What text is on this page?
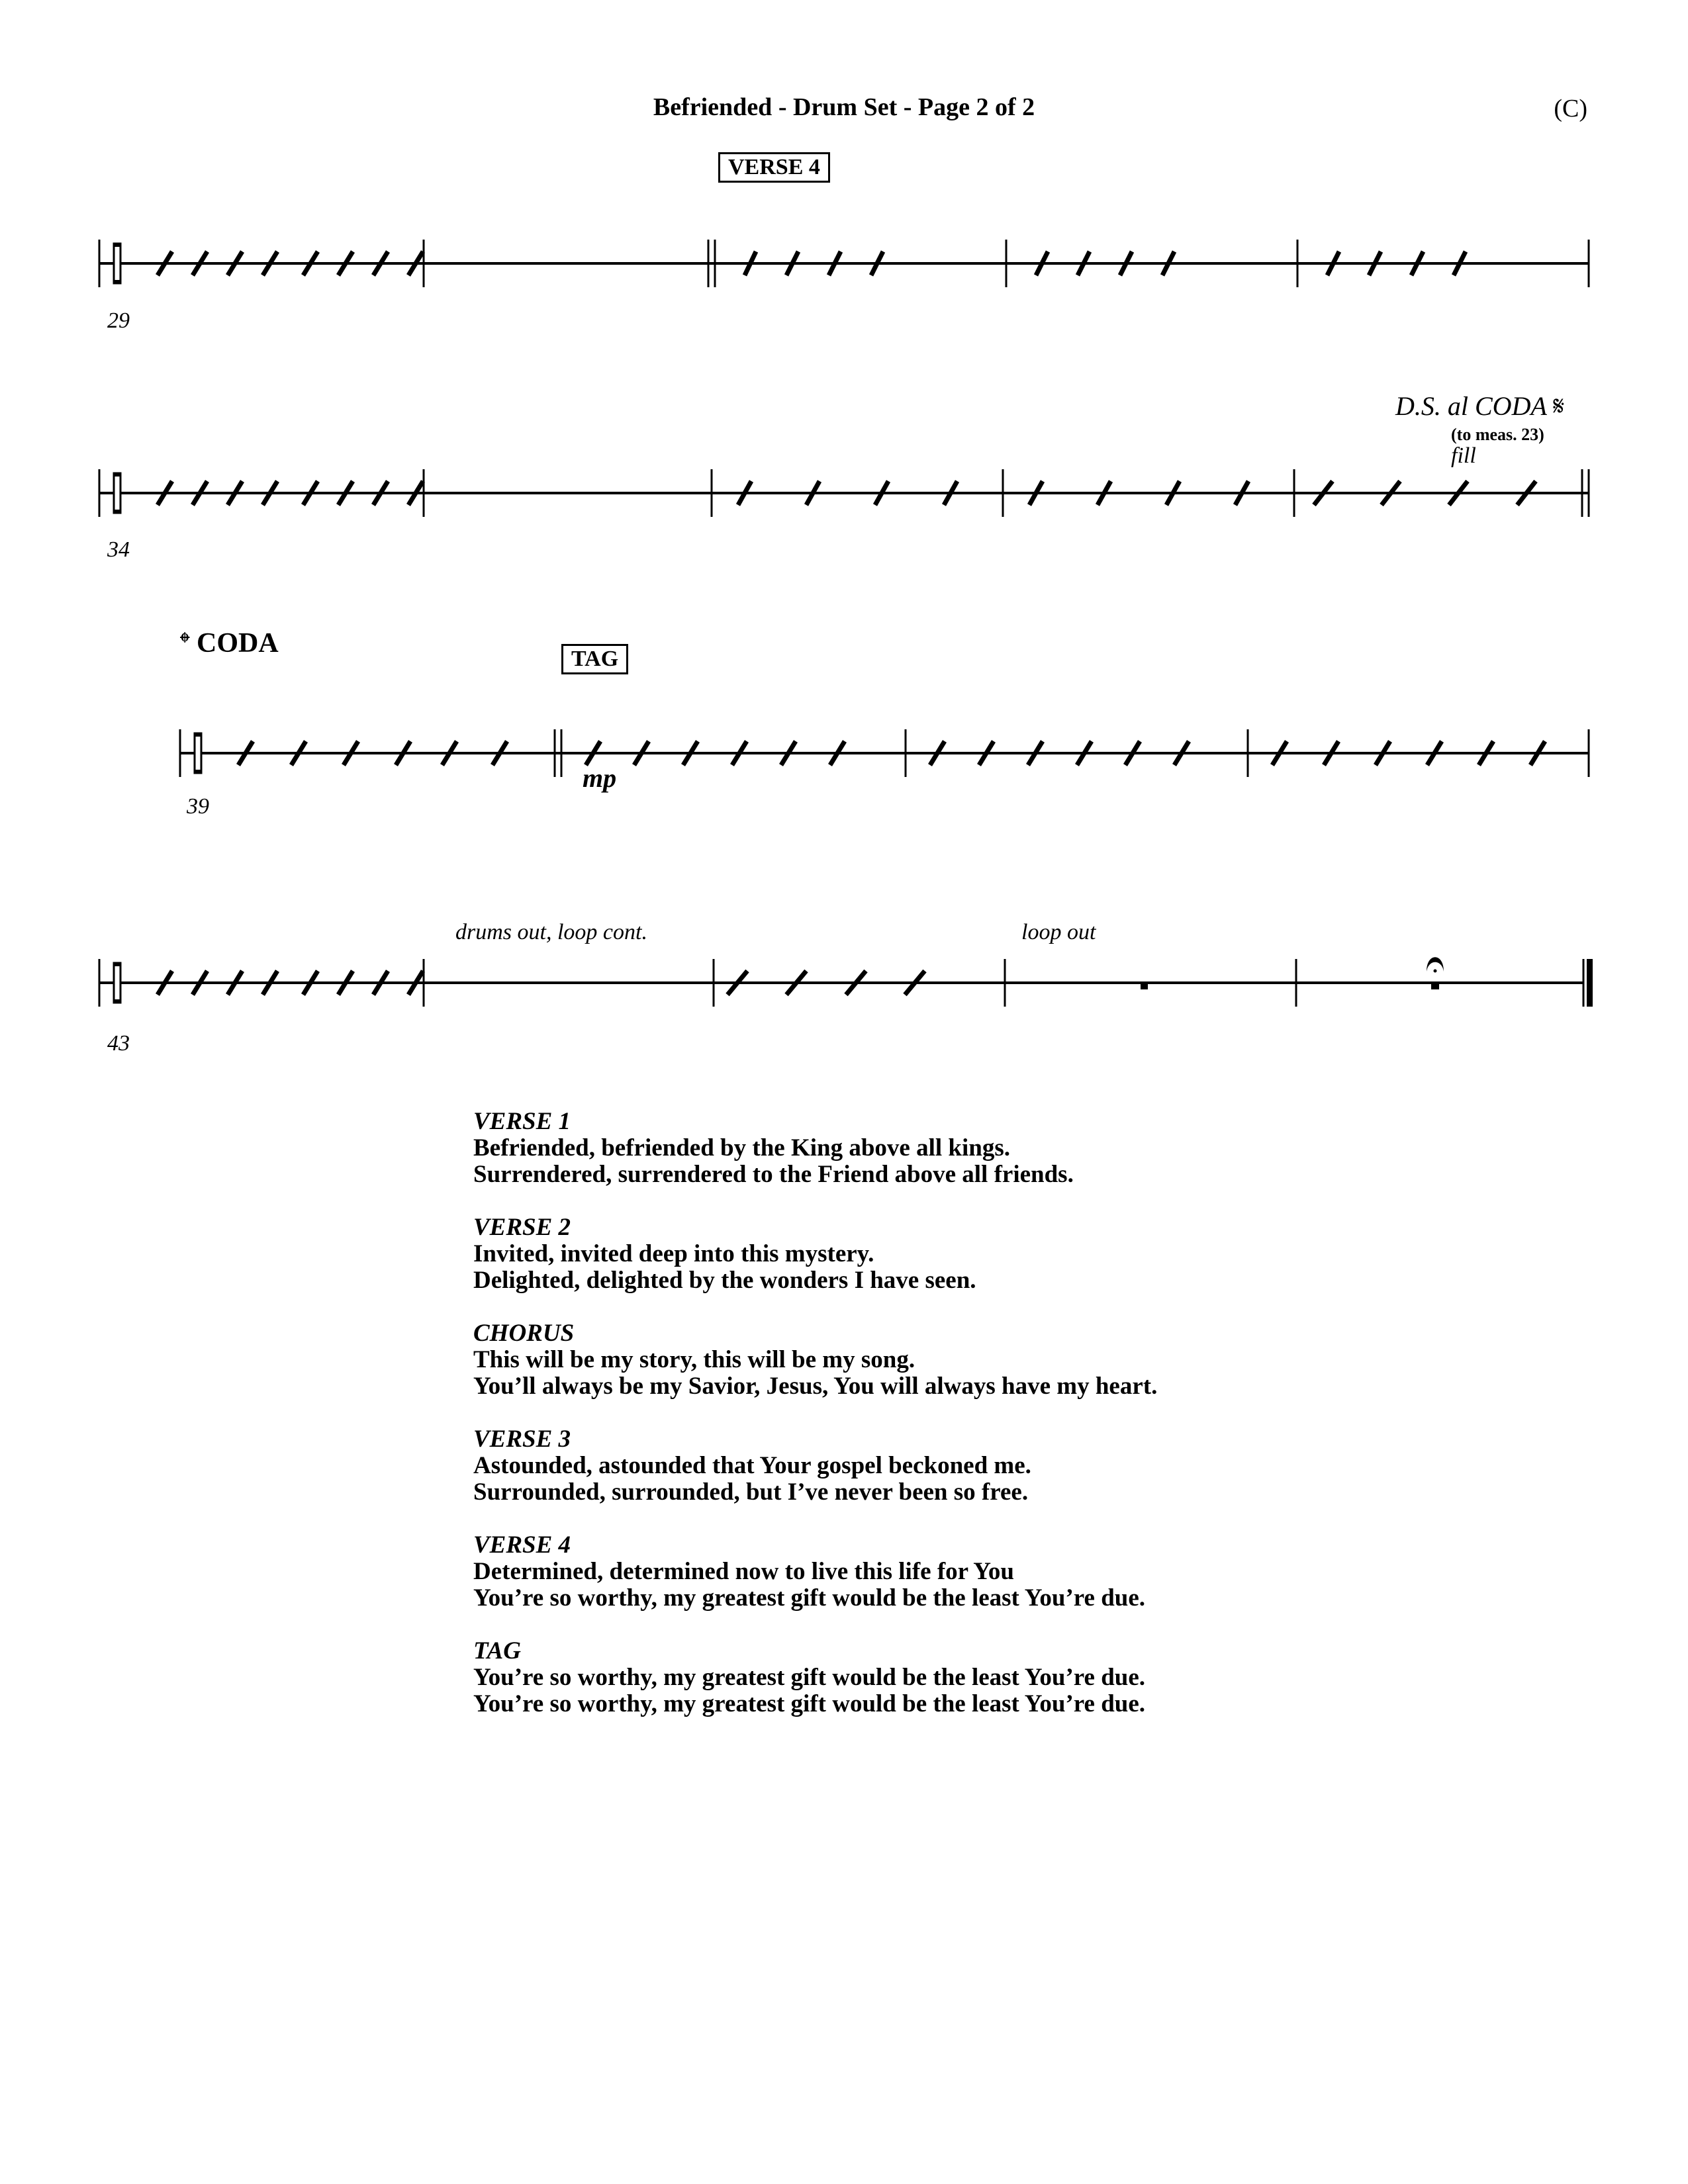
Befriended - Drum Set - Page 2 of 2	(C)
VERSE 4
29
D.S. al CODA 𝄋
(to meas. 23)
fill
34
𝄌 CODA
TAG
mp
39
drums out, loop cont.	loop out
43
VERSE 1
Befriended, befriended by the King above all kings.
Surrendered, surrendered to the Friend above all friends.
VERSE 2
Invited, invited deep into this mystery.
Delighted, delighted by the wonders I have seen.
CHORUS
This will be my story, this will be my song.
You’ll always be my Savior, Jesus, You will always have my heart.
VERSE 3
Astounded, astounded that Your gospel beckoned me.
Surrounded, surrounded, but I’ve never been so free.
VERSE 4
Determined, determined now to live this life for You
You’re so worthy, my greatest gift would be the least You’re due.
TAG
You’re so worthy, my greatest gift would be the least You’re due.
You’re so worthy, my greatest gift would be the least You’re due.
